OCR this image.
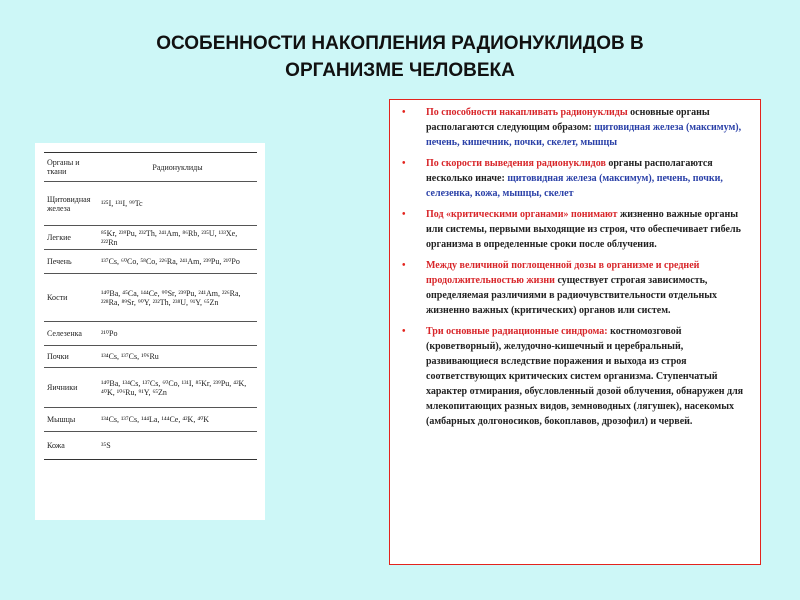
ОСОБЕННОСТИ НАКОПЛЕНИЯ РАДИОНУКЛИДОВ В
ОРГАНИЗМЕ ЧЕЛОВЕКА
Органы и ткани	Радионуклиды
Щитовидная железа	¹²⁵I, ¹³¹I, ⁹⁹Tc
Легкие	⁸⁵Kr, ²³⁹Pu, ²³²Th, ²⁴¹Am, ⁸⁶Rb, ²³⁵U, ¹³³Xe, ²²²Rn
Печень	¹³⁷Cs, ⁶⁰Co, ⁵⁸Co, ²²⁶Ra, ²⁴¹Am, ²³⁹Pu, ²¹⁰Po
Кости	¹⁴⁰Ba, ⁴⁵Ca, ¹⁴⁴Ce, ⁹⁰Sr, ²³⁹Pu, ²⁴¹Am, ²²⁶Ra, ²²⁸Ra, ⁸⁹Sr, ⁹⁰Y, ²³²Th, ²³⁸U, ⁹¹Y, ⁶⁵Zn
Селезенка	²¹⁰Po
Почки	¹³⁴Cs, ¹³⁷Cs, ¹⁰⁶Ru
Яичники	¹⁴⁰Ba, ¹³⁴Cs, ¹³⁷Cs, ⁶⁰Co, ¹³¹I, ⁸⁵Kr, ²³⁹Pu, ⁴²K, ⁴⁰K, ¹⁰⁶Ru, ⁹¹Y, ⁶⁵Zn
Мышцы	¹³⁴Cs, ¹³⁷Cs, ¹⁴⁴La, ¹⁴⁴Ce, ⁴²K, ⁴⁰K
Кожа	³⁵S
• По способности накапливать радионуклиды основные органы располагаются следующим образом: щитовидная железа (максимум), печень, кишечник, почки, скелет, мышцы
• По скорости выведения радионуклидов органы располагаются несколько иначе: щитовидная железа (максимум), печень, почки, селезенка, кожа, мышцы, скелет
• Под «критическими органами» понимают жизненно важные органы или системы, первыми выходящие из строя, что обеспечивает гибель организма в определенные сроки после облучения.
• Между величиной поглощенной дозы в организме и средней продолжительностью жизни существует строгая зависимость, определяемая различиями в радиочувствительности отдельных жизненно важных (критических) органов или систем.
• Три основные радиационные синдрома: костномозговой (кроветворный), желудочно-кишечный и церебральный, развивающиеся вследствие поражения и выхода из строя соответствующих критических систем организма. Ступенчатый характер отмирания, обусловленный дозой облучения, обнаружен для млекопитающих разных видов, земноводных (лягушек), насекомых (амбарных долгоносиков, бокоплавов, дрозофил) и червей.
